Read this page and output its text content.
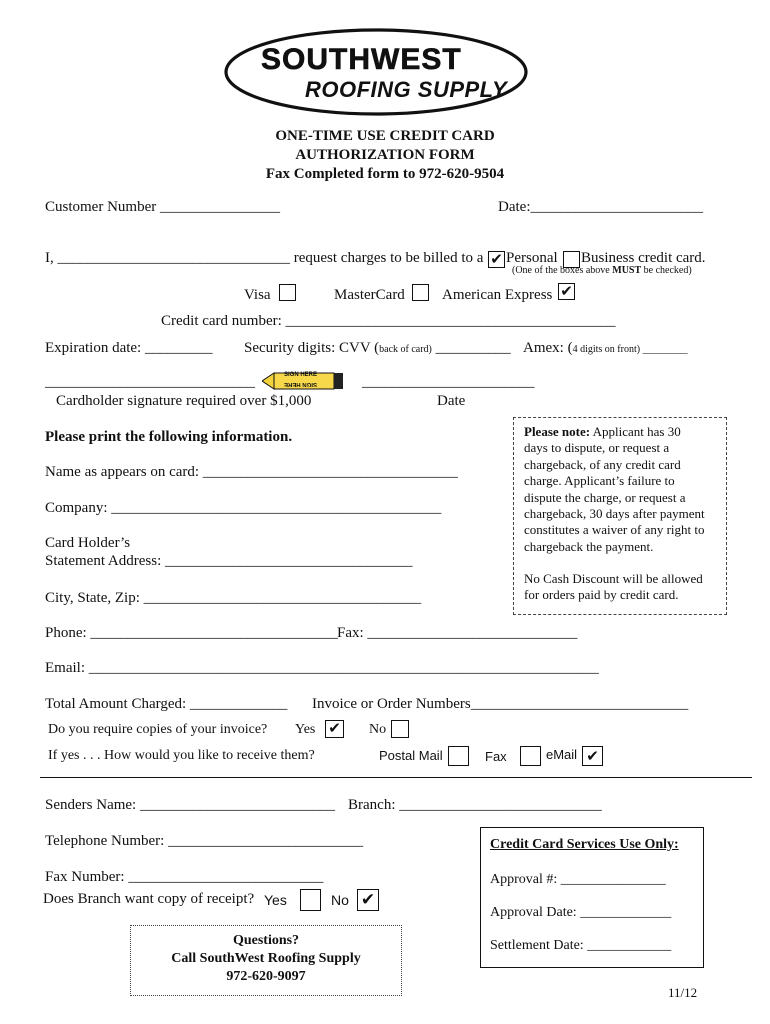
SOUTHWEST
ROOFING SUPPLY
ONE-TIME USE CREDIT CARD
AUTHORIZATION FORM
Fax Completed form to 972-620-9504
Customer Number ________________	Date:_______________________
I, _______________________________ request charges to be billed to a ✔ Personal Business credit card.
(One of the boxes above MUST be checked)
Visa	MasterCard American Express ✔
Credit card number: ____________________________________________
Expiration date: _________ Security digits: CVV (back of card) __________ Amex: (4 digits on front) _________
____________________________	SIGN HERE
SIGN HERE	_______________________
Cardholder signature required over $1,000	Date
Please print the following information.
Name as appears on card: __________________________________
Company: ____________________________________________
Card Holder’s
Statement Address: _________________________________
City, State, Zip: _____________________________________
Please note: Applicant has 30
days to dispute, or request a
chargeback, of any credit card
charge. Applicant’s failure to
dispute the charge, or request a
chargeback, 30 days after payment
constitutes a waiver of any right to
chargeback the payment.
No Cash Discount will be allowed
for orders paid by credit card.
Phone: _________________________________ Fax: ____________________________
Email: ____________________________________________________________________
Total Amount Charged: _____________ Invoice or Order Numbers_____________________________
Do you require copies of your invoice? Yes ✔ No
If yes . . . How would you like to receive them?	Postal Mail	Fax	eMail ✔
Senders Name: __________________________ Branch: ___________________________
Telephone Number: __________________________
Fax Number: __________________________
Does Branch want copy of receipt? Yes	No ✔
Questions?
Call SouthWest Roofing Supply
972-620-9097
Credit Card Services Use Only:
Approval #: _______________
Approval Date: _____________
Settlement Date: ____________
11/12
